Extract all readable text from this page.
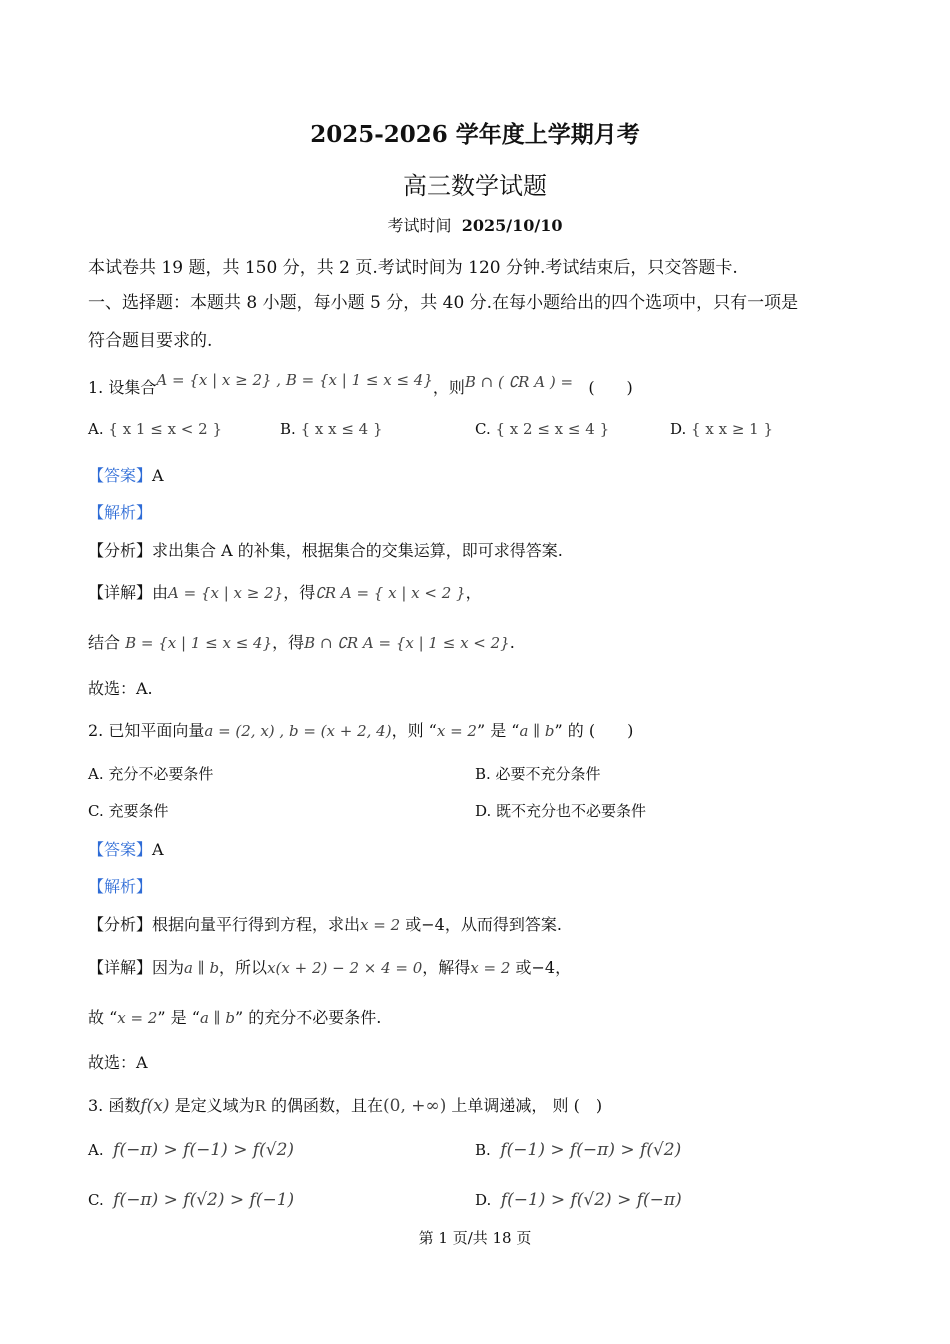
2025-2026 学年度上学期月考
高三数学试题
考试时间 2025/10/10
本试卷共 19 题，共 150 分，共 2 页.考试时间为 120 分钟.考试结束后，只交答题卡.
一、选择题：本题共 8 小题，每小题 5 分，共 40 分.在每小题给出的四个选项中，只有一项是
符合题目要求的.
1. 设集合A = {x | x ≥ 2} , B = {x | 1 ≤ x ≤ 4}，则B ∩ ( ∁R A ) = (　　)
A. { x 1 ≤ x < 2 }	B. { x x ≤ 4 }	C. { x 2 ≤ x ≤ 4 }	D. { x x ≥ 1 }
【答案】A
【解析】
【分析】求出集合 A 的补集，根据集合的交集运算，即可求得答案.
【详解】由A = {x | x ≥ 2}，得∁R A = { x | x < 2 }，
结合 B = {x | 1 ≤ x ≤ 4}，得B ∩ ∁R A = {x | 1 ≤ x < 2}.
故选：A.
2. 已知平面向量a = (2, x) , b = (x + 2, 4)，则 “x = 2” 是 “a ∥ b” 的 (　　)
A. 充分不必要条件	B. 必要不充分条件
C. 充要条件	D. 既不充分也不必要条件
【答案】A
【解析】
【分析】根据向量平行得到方程，求出x = 2 或−4，从而得到答案.
【详解】因为a ∥ b，所以x(x + 2) − 2 × 4 = 0，解得x = 2 或−4，
故 “x = 2” 是 “a ∥ b” 的充分不必要条件.
故选：A
3. 函数f(x) 是定义域为R 的偶函数，且在(0, +∞) 上单调递减， 则 (　)
A. f(−π) > f(−1) > f(√2)	B. f(−1) > f(−π) > f(√2)
C. f(−π) > f(√2) > f(−1)	D. f(−1) > f(√2) > f(−π)
第 1 页/共 18 页
